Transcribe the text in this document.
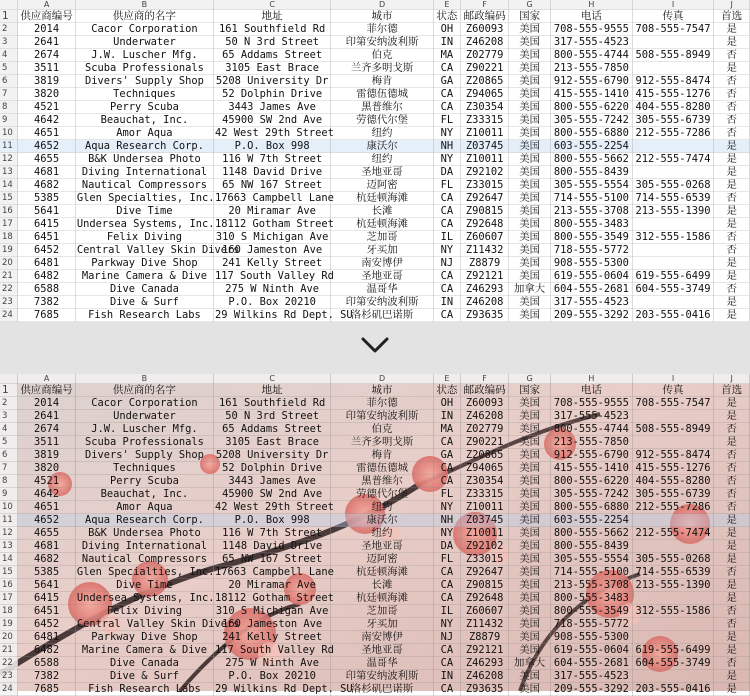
	A	B	C	D	E	F	G	H	I	J
1	供应商编号	供应商的名字	地址	城市	状态	邮政编码	国家	电话	传真	首选
2	2014	Cacor Corporation	161 Southfield Rd	菲尔德	OH	Z60093	美国	708-555-9555	708-555-7547	是
3	2641	Underwater	50 N 3rd Street	印第安纳波利斯	IN	Z46208	美国	317-555-4523		是
4	2674	J.W. Luscher Mfg.	65 Addams Street	伯克	MA	Z02779	美国	800-555-4744	508-555-8949	否
5	3511	Scuba Professionals	3105 East Brace	兰齐多明戈斯	CA	Z90221	美国	213-555-7850		是
6	3819	Divers' Supply Shop	5208 University Dr	梅肯	GA	Z20865	美国	912-555-6790	912-555-8474	否
7	3820	Techniques	52 Dolphin Drive	雷德伍德城	CA	Z94065	美国	415-555-1410	415-555-1276	否
8	4521	Perry Scuba	3443 James Ave	黑普维尔	CA	Z30354	美国	800-555-6220	404-555-8280	否
9	4642	Beauchat, Inc.	45900 SW 2nd Ave	劳德代尔堡	FL	Z33315	美国	305-555-7242	305-555-6739	否
10	4651	Amor Aqua	42 West 29th Street	纽约	NY	Z10011	美国	800-555-6880	212-555-7286	否
11	4652	Aqua Research Corp.	P.O. Box 998	康沃尔	NH	Z03745	美国	603-555-2254		是
12	4655	B&K Undersea Photo	116 W 7th Street	纽约	NY	Z10011	美国	800-555-5662	212-555-7474	是
13	4681	Diving International	1148 David Drive	圣地亚哥	DA	Z92102	美国	800-555-8439		是
14	4682	Nautical Compressors	65 NW 167 Street	迈阿密	FL	Z33015	美国	305-555-5554	305-555-0268	是
15	5385	Glen Specialties, Inc.	17663 Campbell Lane	杭廷顿海滩	CA	Z92647	美国	714-555-5100	714-555-6539	否
16	5641	Dive Time	20 Miramar Ave	长滩	CA	Z90815	美国	213-555-3708	213-555-1390	是
17	6415	Undersea Systems, Inc.	18112 Gotham Street	杭廷顿海滩	CA	Z92648	美国	800-555-3483		是
18	6451	Felix Diving	310 S Michigan Ave	芝加哥	IL	Z60607	美国	800-555-3549	312-555-1586	否
19	6452	Central Valley Skin Divers	160 Jameston Ave	牙买加	NY	Z11432	美国	718-555-5772		否
20	6481	Parkway Dive Shop	241 Kelly Street	南安博伊	NJ	Z8879	美国	908-555-5300		是
21	6482	Marine Camera & Dive	117 South Valley Rd	圣地亚哥	CA	Z92121	美国	619-555-0604	619-555-6499	是
22	6588	Dive Canada	275 W Ninth Ave	温哥华	CA	Z46293	加拿大	604-555-2681	604-555-3749	否
23	7382	Dive & Surf	P.O. Box 20210	印第安纳波利斯	IN	Z46208	美国	317-555-4523		是
24	7685	Fish Research Labs	29 Wilkins Rd Dept. SU	洛杉矶巴诺斯	CA	Z93635	美国	209-555-3292	203-555-0416	是
	A	B	C	D	E	F	G	H	I	J
1	供应商编号	供应商的名字	地址	城市	状态	邮政编码	国家	电话	传真	首选
2	2014	Cacor Corporation	161 Southfield Rd	菲尔德	OH	Z60093	美国	708-555-9555	708-555-7547	是
3	2641	Underwater	50 N 3rd Street	印第安纳波利斯	IN	Z46208	美国	317-555-4523		是
4	2674	J.W. Luscher Mfg.	65 Addams Street	伯克	MA	Z02779	美国	800-555-4744	508-555-8949	否
5	3511	Scuba Professionals	3105 East Brace	兰齐多明戈斯	CA	Z90221	美国	213-555-7850		是
6	3819	Divers' Supply Shop	5208 University Dr	梅肯	GA	Z20865	美国	912-555-6790	912-555-8474	否
7	3820	Techniques	52 Dolphin Drive	雷德伍德城	CA	Z94065	美国	415-555-1410	415-555-1276	否
8	4521	Perry Scuba	3443 James Ave	黑普维尔	CA	Z30354	美国	800-555-6220	404-555-8280	否
9	4642	Beauchat, Inc.	45900 SW 2nd Ave	劳德代尔堡	FL	Z33315	美国	305-555-7242	305-555-6739	否
10	4651	Amor Aqua	42 West 29th Street	纽约	NY	Z10011	美国	800-555-6880	212-555-7286	否
11	4652	Aqua Research Corp.	P.O. Box 998	康沃尔	NH	Z03745	美国	603-555-2254		是
12	4655	B&K Undersea Photo	116 W 7th Street	纽约	NY	Z10011	美国	800-555-5662	212-555-7474	是
13	4681	Diving International	1148 David Drive	圣地亚哥	DA	Z92102	美国	800-555-8439		是
14	4682	Nautical Compressors	65 NW 167 Street	迈阿密	FL	Z33015	美国	305-555-5554	305-555-0268	是
15	5385	Glen Specialties, Inc.	17663 Campbell Lane	杭廷顿海滩	CA	Z92647	美国	714-555-5100	714-555-6539	否
16	5641	Dive Time	20 Miramar Ave	长滩	CA	Z90815	美国	213-555-3708	213-555-1390	是
17	6415	Undersea Systems, Inc.	18112 Gotham Street	杭廷顿海滩	CA	Z92648	美国	800-555-3483		是
18	6451	Felix Diving	310 S Michigan Ave	芝加哥	IL	Z60607	美国	800-555-3549	312-555-1586	否
19	6452	Central Valley Skin Divers	160 Jameston Ave	牙买加	NY	Z11432	美国	718-555-5772		否
20	6481	Parkway Dive Shop	241 Kelly Street	南安博伊	NJ	Z8879	美国	908-555-5300		是
21	6482	Marine Camera & Dive	117 South Valley Rd	圣地亚哥	CA	Z92121	美国	619-555-0604	619-555-6499	是
22	6588	Dive Canada	275 W Ninth Ave	温哥华	CA	Z46293	加拿大	604-555-2681	604-555-3749	否
23	7382	Dive & Surf	P.O. Box 20210	印第安纳波利斯	IN	Z46208	美国	317-555-4523		是
24	7685	Fish Research Labs	29 Wilkins Rd Dept. SU	洛杉矶巴诺斯	CA	Z93635	美国	209-555-3292	203-555-0416	是
